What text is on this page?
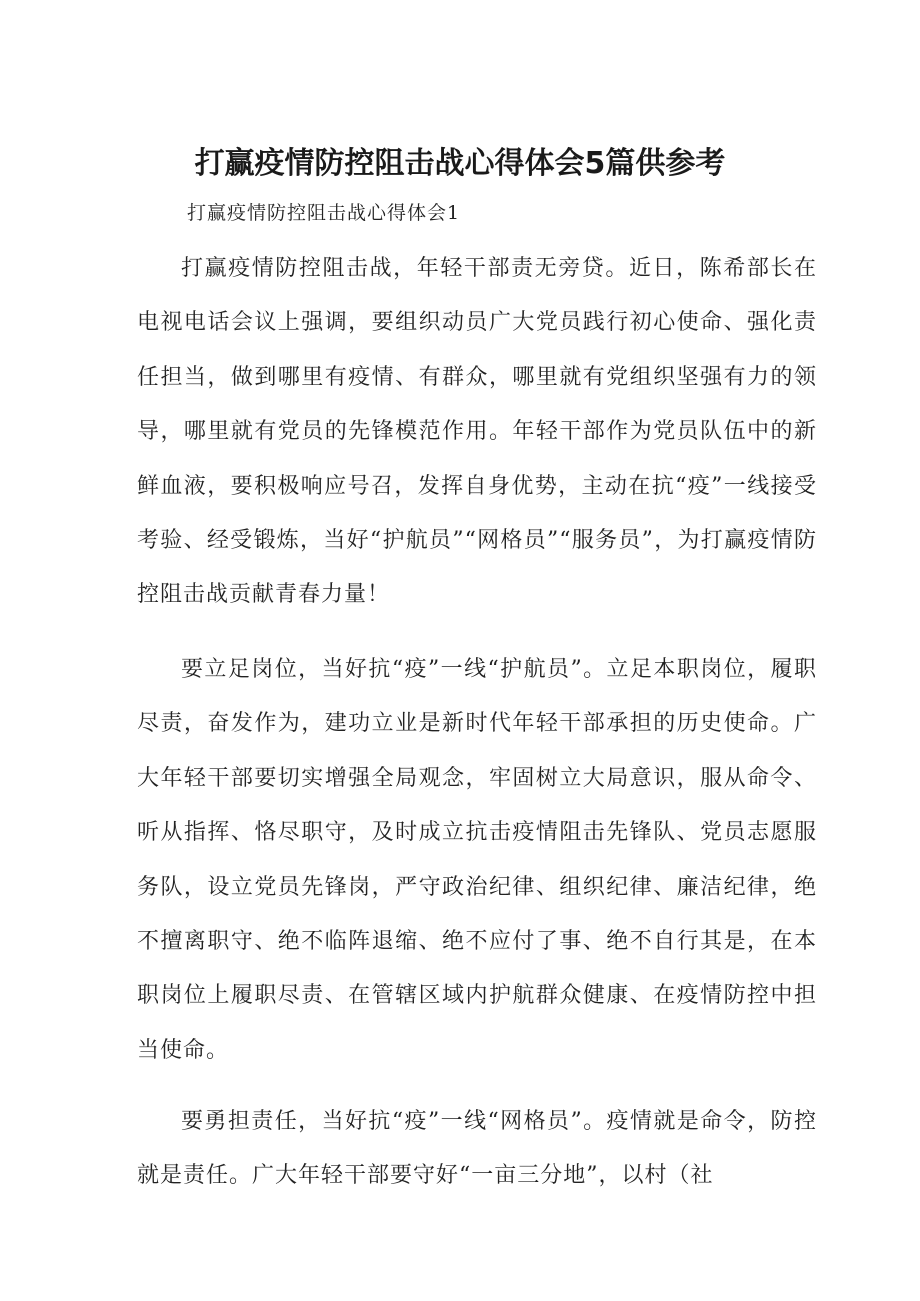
打赢疫情防控阻击战心得体会5篇供参考
打赢疫情防控阻击战心得体会1

打赢疫情防控阻击战，年轻干部责无旁贷。近日，陈希部长在电视电话会议上强调，要组织动员广大党员践行初心使命、强化责任担当，做到哪里有疫情、有群众，哪里就有党组织坚强有力的领导，哪里就有党员的先锋模范作用。年轻干部作为党员队伍中的新鲜血液，要积极响应号召，发挥自身优势，主动在抗“疫”一线接受考验、经受锻炼，当好“护航员”“网格员”“服务员”，为打赢疫情防控阻击战贡献青春力量！

要立足岗位，当好抗“疫”一线“护航员”。立足本职岗位，履职尽责，奋发作为，建功立业是新时代年轻干部承担的历史使命。广大年轻干部要切实增强全局观念，牢固树立大局意识，服从命令、听从指挥、恪尽职守，及时成立抗击疫情阻击先锋队、党员志愿服务队，设立党员先锋岗，严守政治纪律、组织纪律、廉洁纪律，绝不擅离职守、绝不临阵退缩、绝不应付了事、绝不自行其是，在本职岗位上履职尽责、在管辖区域内护航群众健康、在疫情防控中担当使命。

要勇担责任，当好抗“疫”一线“网格员”。疫情就是命令，防控就是责任。广大年轻干部要守好“一亩三分地”，以村（社
